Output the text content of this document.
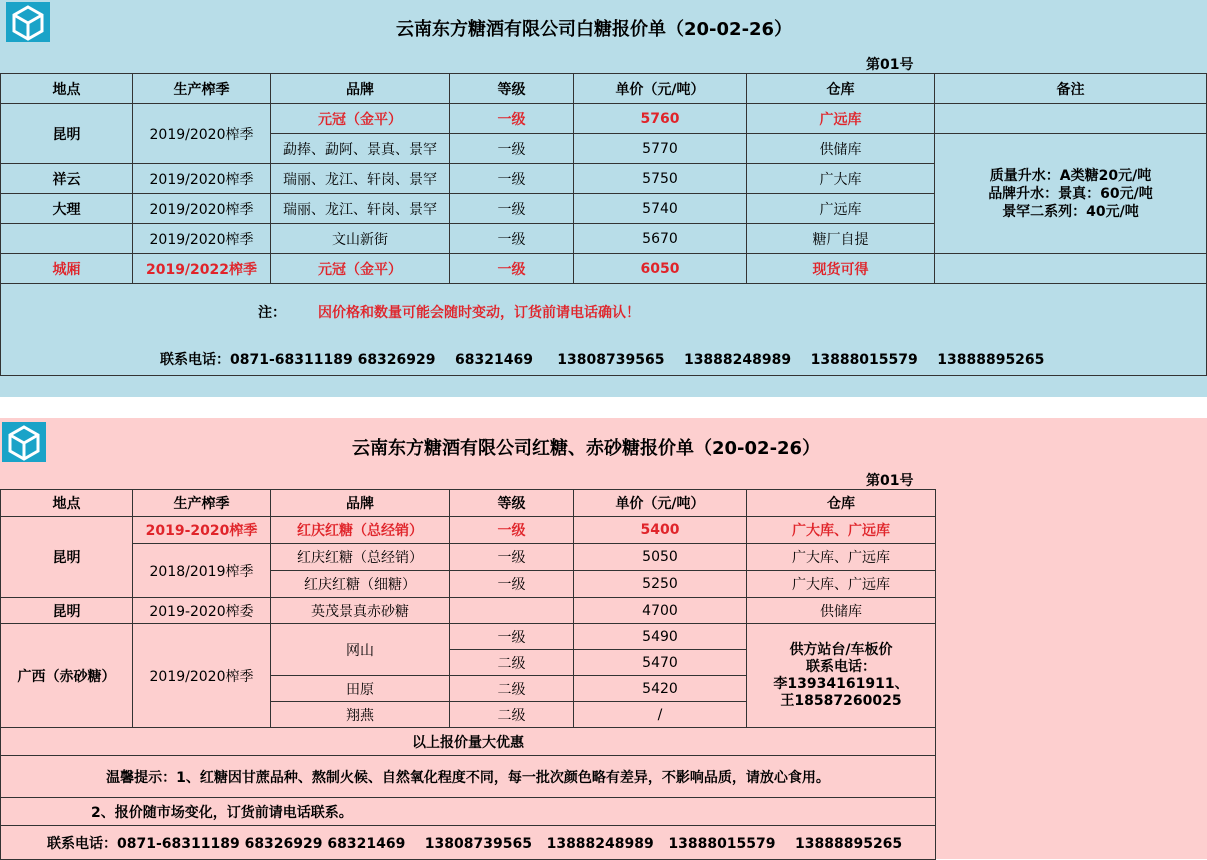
云南东方糖酒有限公司白糖报价单（20-02-26）
第01号
地点	生产榨季	品牌	等级	单价（元/吨）	仓库	备注
昆明	2019/2020榨季	元冠（金平）	一级	5760	广远库	
		勐捧、勐阿、景真、景罕	一级	5770	供储库	质量升水：A类糖20元/吨
品牌升水：景真：60元/吨
景罕二系列：40元/吨

祥云	2019/2020榨季	瑞丽、龙江、轩岗、景罕	一级	5750	广大库	
大理	2019/2020榨季	瑞丽、龙江、轩岗、景罕	一级	5740	广远库	
	2019/2020榨季	文山新街	一级	5670	糖厂自提	
城厢	2019/2022榨季	元冠（金平）	一级	6050	现货可得	

注： 因价格和数量可能会随时变动，订货前请电话确认！
联系电话：0871-68311189 68326929    68321469     13808739565    13888248989    13888015579    13888895265
云南东方糖酒有限公司红糖、赤砂糖报价单（20-02-26）
第01号
地点	生产榨季	品牌	等级	单价（元/吨）	仓库
昆明	2019-2020榨季	红庆红糖（总经销）	一级	5400	广大库、广远库
	2018/2019榨季	红庆红糖（总经销）	一级	5050	广大库、广远库
		红庆红糖（细糖）	一级	5250	广大库、广远库
昆明	2019-2020榨委	英茂景真赤砂糖		4700	供储库
广西（赤砂糖）	2019/2020榨季	网山	一级	5490	供方站台/车板价
联系电话：
李13934161911、
王18587260025

			二级	5470	
		田原	二级	5420	
		翔燕	二级	/	
以上报价量大优惠					
温馨提示：1、红糖因甘蔗品种、熬制火候、自然氧化程度不同，每一批次颜色略有差异，不影响品质，请放心食用。					
2、报价随市场变化，订货前请电话联系。					
联系电话：0871-68311189 68326929 68321469    13808739565   13888248989   13888015579    13888895265					
